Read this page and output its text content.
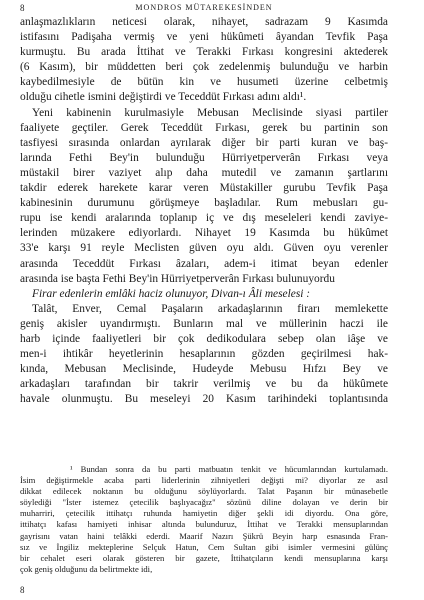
8	MONDROS MÜTAREKESİNDEN
anlaşmazlıkların neticesi olarak, nihayet, sadrazam 9 Kasımda
istifasını Padişaha vermiş ve yeni hükûmeti âyandan Tevfik Paşa
kurmuştu. Bu arada İttihat ve Terakki Fırkası kongresini aktederek
(6 Kasım), bir müddetten beri çok zedelenmiş bulunduğu ve harbin
kaybedilmesiyle de bütün kin ve husumeti üzerine celbetmiş
olduğu cihetle ismini değiştirdi ve Teceddüt Fırkası adını aldı¹.
Yeni kabinenin kurulmasiyle Mebusan Meclisinde siyasi partiler
faaliyete geçtiler. Gerek Teceddüt Fırkası, gerek bu partinin son
tasfiyesi sırasında onlardan ayrılarak diğer bir parti kuran ve baş-
larında Fethi Bey'in bulunduğu Hürriyetperverân Fırkası veya
müstakil birer vaziyet alıp daha mutedil ve zamanın şartlarını
takdir ederek harekete karar veren Müstakiller gurubu Tevfik Paşa
kabinesinin durumunu görüşmeye başladılar. Rum mebusları gu-
rupu ise kendi aralarında toplanıp iç ve dış meseleleri kendi zaviye-
lerinden müzakere ediyorlardı. Nihayet 19 Kasımda bu hükûmet
33'e karşı 91 reyle Meclisten güven oyu aldı. Güven oyu verenler
arasında Teceddüt Fırkası âzaları, adem-i itimat beyan edenler
arasında ise başta Fethi Bey'in Hürriyetperverân Fırkası bulunuyordu
Firar edenlerin emlâki haciz olunuyor, Divan-ı Âli meselesi :
Talât, Enver, Cemal Paşaların arkadaşlarının firarı memlekette
geniş akisler uyandırmıştı. Bunların mal ve müllerinin haczi ile
harb içinde faaliyetleri bir çok dedikodulara sebep olan iâşe ve
men-i ihtikâr heyetlerinin hesaplarının gözden geçirilmesi hak-
kında, Mebusan Meclisinde, Hudeyde Mebusu Hıfzı Bey ve
arkadaşları tarafından bir takrir verilmiş ve bu da hükûmete
havale olunmuştu. Bu meseleyi 20 Kasım tarihindeki toplantısında
¹ Bundan sonra da bu parti matbuatın tenkit ve hücumlarından kurtulamadı.
İsim değiştirmekle acaba parti liderlerinin zihniyetleri değişti mi? diyorlar ze asıl
dikkat edilecek noktanın bu olduğunu söylüyorlardı. Talat Paşanın bir münasebetle
söylediği "İster istemez çetecilik başlıyacağız" sözünü diline dolayan ve derin bir
muharriri, çetecilik ittihatçı ruhunda hamiyetin diğer şekli idi diyordu. Ona göre,
ittihatçı kafası hamiyeti inhisar altında bulunduruz, İttihat ve Terakki mensuplarından
gayrisını vatan haini telâkki ederdi. Maarif Nazırı Şükrü Beyin harp esnasında Fran-
sız ve İngiliz mekteplerine Selçuk Hatun, Cem Sultan gibi isimler vermesini gülünç
bir cehalet eseri olarak gösteren bir gazete, İttihatçıların kendi mensuplarına karşı
çok geniş olduğunu da belirtmekte idi,
8
